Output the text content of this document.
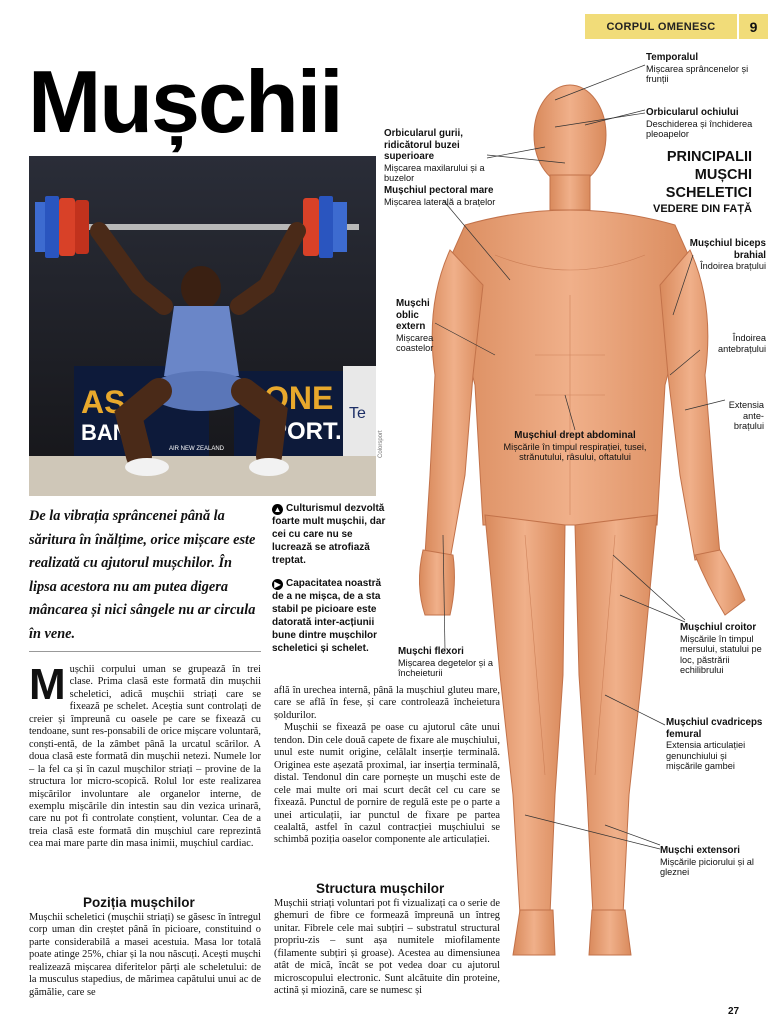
CORPUL OMENESC	9
Mușchii
AS
BAN
ONE
PORT.
AIR NEW ZEALAND
Te
Colorsport
De la vibrația sprâncenei până la săritura în înălțime, orice mișcare este realizată cu ajutorul mușchilor. În lipsa acestora nu am putea digera mâncarea și nici sângele nu ar circula în vene.
▲ Culturismul dezvoltă foarte mult mușchii, dar cei cu care nu se lucrează se atrofiază treptat.
▶ Capacitatea noastră de a ne mișca, de a sta stabil pe picioare este datorată inter-acțiunii bune dintre mușchilor scheletici și schelet.

Mușchii corpului uman se grupează în trei clase. Prima clasă este formată din mușchii scheletici, adică mușchii striați care se fixează pe schelet. Aceștia sunt controlați de creier și împreună cu oasele pe care se fixează cu tendoane, sunt res-ponsabili de orice mișcare voluntară, conști-entă, de la zâmbet până la urcatul scărilor. A doua clasă este formată din mușchii netezi. Numele lor – la fel ca și în cazul mușchilor striați – provine de la structura lor micro-scopică. Rolul lor este realizarea mișcărilor involuntare ale organelor interne, de exemplu mișcările din intestin sau din vezica urinară, care nu pot fi controlate conștient, voluntar. Cea de a treia clasă este formată din mușchiul care reprezintă cea mai mare parte din masa inimii, mușchiul cardiac.

Poziția mușchilor

Mușchii scheletici (mușchii striați) se găsesc în întregul corp uman din creștet până în picioare, constituind o parte considerabilă a masei acestuia. Masa lor totală poate atinge 25%, chiar și la nou născuți. Acești mușchi realizează mișcarea diferitelor părți ale scheletului: de la musculus stapedius, de mărimea capătului unui ac de gămălie, care se

află în urechea internă, până la mușchiul gluteu mare, care se află în fese, și care controlează încheietura șoldurilor.

Mușchii se fixează pe oase cu ajutorul câte unui tendon. Din cele două capete de fixare ale mușchiului, unul este numit origine, celălalt inserție terminală. Originea este așezată proximal, iar inserția terminală, distal. Tendonul din care pornește un mușchi este de cele mai multe ori mai scurt decât cel cu care se fixează. Punctul de pornire de regulă este pe o parte a unei articulații, iar punctul de fixare pe partea cealaltă, astfel în cazul contracției mușchiului se schimbă poziția oaselor componente ale articulației.

Structura mușchilor

Mușchii striați voluntari pot fi vizualizați ca o serie de ghemuri de fibre ce formează împreună un întreg unitar. Fibrele cele mai subțiri – substratul structural propriu-zis – sunt așa numitele miofilamente (filamente subțiri și groase). Acestea au dimensiunea atât de mică, încât se pot vedea doar cu ajutorul microscopului electronic. Sunt alcătuite din proteine, actină și miozină, care se numesc și

PRINCIPALII MUȘCHI SCHELETICI
VEDERE DIN FAȚĂ
Temporalul
Mișcarea sprâncenelor și frunții
Orbicularul ochiului
Deschiderea și închiderea pleoapelor
Orbicularul gurii, ridicătorul buzei superioare
Mișcarea maxilarului și a buzelor
Mușchiul pectoral mare
Mișcarea laterală a brațelor
Mușchiul biceps brahial
Îndoirea brațului
Îndoirea antebrațului
Extensia ante-brațului
Mușchi oblic extern
Mișcarea coastelor
Mușchiul drept abdominal
Mișcările în timpul respirației, tusei, strănutului, râsului, oftatului
Mușchi flexori
Mișcarea degetelor și a încheieturii
Mușchiul croitor
Mișcările în timpul mersului, statului pe loc, păstrării echilibrului
Mușchiul cvadriceps femural
Extensia articulației genunchiului și mișcările gambei
Mușchi extensori
Mișcările piciorului și al gleznei
27
